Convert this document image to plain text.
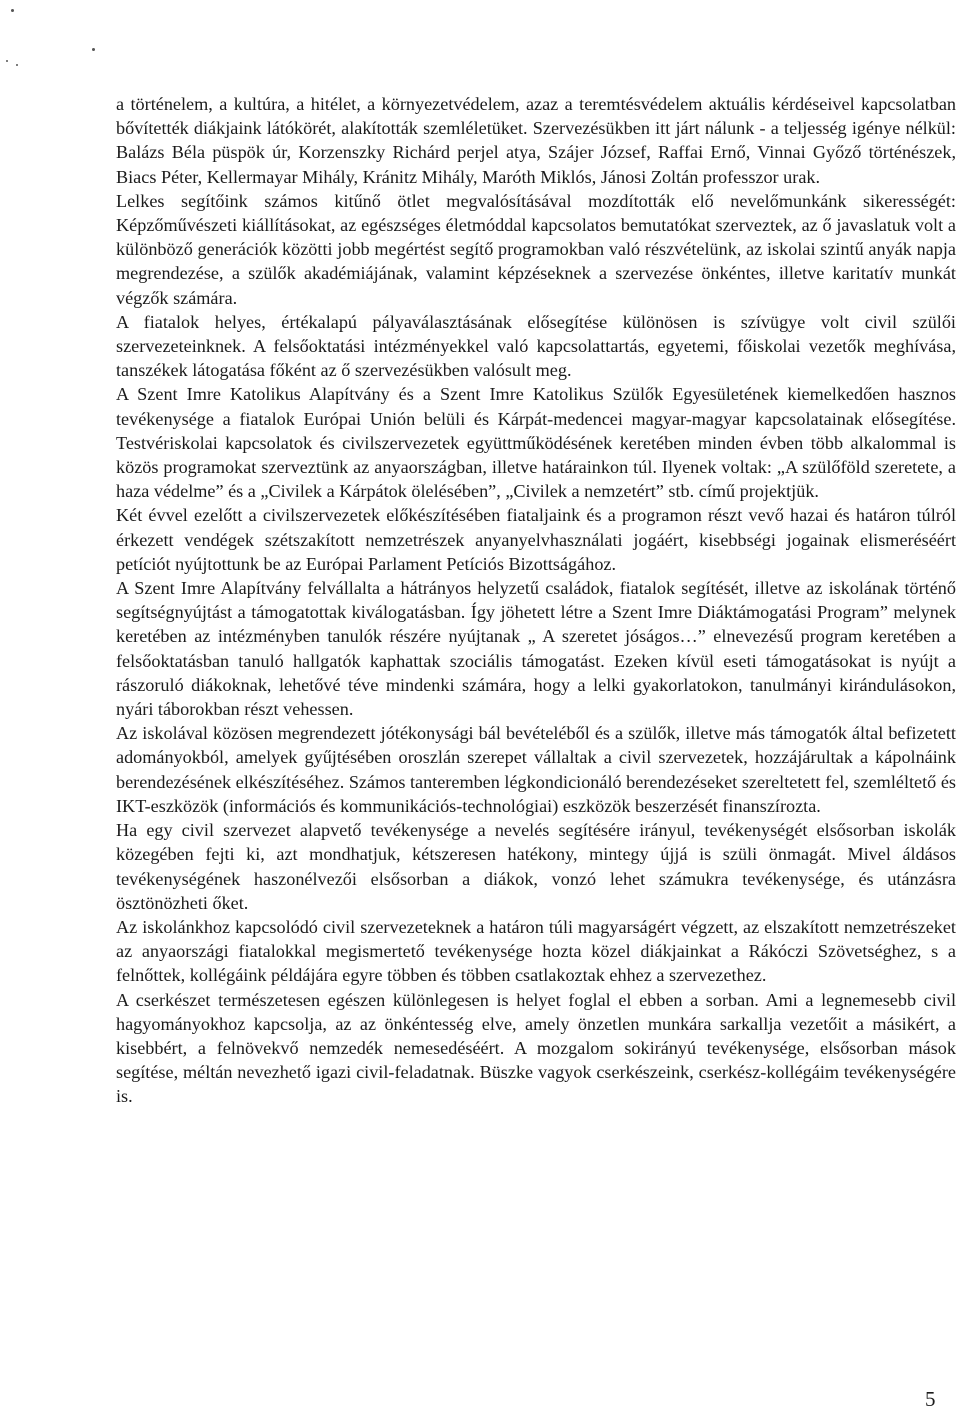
a történelem, a kultúra, a hitélet, a környezetvédelem, azaz a teremtésvédelem aktuális kérdéseivel kapcsolatban bővítették diákjaink látókörét, alakították szemléletüket. Szervezésükben itt járt nálunk - a teljesség igénye nélkül: Balázs Béla püspök úr, Korzenszky Richárd perjel atya, Szájer József, Raffai Ernő, Vinnai Győző történészek, Biacs Péter, Kellermayar Mihály, Kránitz Mihály, Maróth Miklós, Jánosi Zoltán professzor urak.

Lelkes segítőink számos kitűnő ötlet megvalósításával mozdították elő nevelőmunkánk sikerességét: Képzőművészeti kiállításokat, az egészséges életmóddal kapcsolatos bemutatókat szerveztek, az ő javaslatuk volt a különböző generációk közötti jobb megértést segítő programokban való részvételünk, az iskolai szintű anyák napja megrendezése, a szülők akadémiájának, valamint képzéseknek a szervezése önkéntes, illetve karitatív munkát végzők számára.

A fiatalok helyes, értékalapú pályaválasztásának elősegítése különösen is szívügye volt civil szülői szervezeteinknek. A felsőoktatási intézményekkel való kapcsolattartás, egyetemi, főiskolai vezetők meghívása, tanszékek látogatása főként az ő szervezésükben valósult meg.

A Szent Imre Katolikus Alapítvány és a Szent Imre Katolikus Szülők Egyesületének kiemelkedően hasznos tevékenysége a fiatalok Európai Unión belüli és Kárpát-medencei magyar-magyar kapcsolatainak elősegítése. Testvériskolai kapcsolatok és civilszervezetek együttműködésének keretében minden évben több alkalommal is közös programokat szerveztünk az anyaországban, illetve határainkon túl. Ilyenek voltak: „A szülőföld szeretete, a haza védelme” és a „Civilek a Kárpátok ölelésében”, „Civilek a nemzetért” stb. című projektjük.

Két évvel ezelőtt a civilszervezetek előkészítésében fiataljaink és a programon részt vevő hazai és határon túlról érkezett vendégek szétszakított nemzetrészek anyanyelvhasználati jogáért, kisebbségi jogainak elismeréséért petíciót nyújtottunk be az Európai Parlament Petíciós Bizottságához.

A Szent Imre Alapítvány felvállalta a hátrányos helyzetű családok, fiatalok segítését, illetve az iskolának történő segítségnyújtást a támogatottak kiválogatásban. Így jöhetett létre a Szent Imre Diáktámogatási Program” melynek keretében az intézményben tanulók részére nyújtanak „ A szeretet jóságos…” elnevezésű program keretében a felsőoktatásban tanuló hallgatók kaphattak szociális támogatást. Ezeken kívül eseti támogatásokat is nyújt a rászoruló diákoknak, lehetővé téve mindenki számára, hogy a lelki gyakorlatokon, tanulmányi kirándulásokon, nyári táborokban részt vehessen.

Az iskolával közösen megrendezett jótékonysági bál bevételéből és a szülők, illetve más támogatók által befizetett adományokból, amelyek gyűjtésében oroszlán szerepet vállaltak a civil szervezetek, hozzájárultak a kápolnáink berendezésének elkészítéséhez. Számos tanteremben légkondicionáló berendezéseket szereltetett fel, szemléltető és IKT-eszközök (információs és kommunikációs-technológiai) eszközök beszerzését finanszírozta.

Ha egy civil szervezet alapvető tevékenysége a nevelés segítésére irányul, tevékenységét elsősorban iskolák közegében fejti ki, azt mondhatjuk, kétszeresen hatékony, mintegy újjá is szüli önmagát. Mivel áldásos tevékenységének haszonélvezői elsősorban a diákok, vonzó lehet számukra tevékenysége, és utánzásra ösztönözheti őket.

Az iskolánkhoz kapcsolódó civil szervezeteknek a határon túli magyarságért végzett, az elszakított nemzetrészeket az anyaországi fiatalokkal megismertető tevékenysége hozta közel diákjainkat a Rákóczi Szövetséghez, s a felnőttek, kollégáink példájára egyre többen és többen csatlakoztak ehhez a szervezethez.

A cserkészet természetesen egészen különlegesen is helyet foglal el ebben a sorban. Ami a legnemesebb civil hagyományokhoz kapcsolja, az az önkéntesség elve, amely önzetlen munkára sarkallja vezetőit a másikért, a kisebbért, a felnövekvő nemzedék nemesedéséért. A mozgalom sokirányú tevékenysége, elsősorban mások segítése, méltán nevezhető igazi civil-feladatnak. Büszke vagyok cserkészeink, cserkész-kollégáim tevékenységére is.

5
